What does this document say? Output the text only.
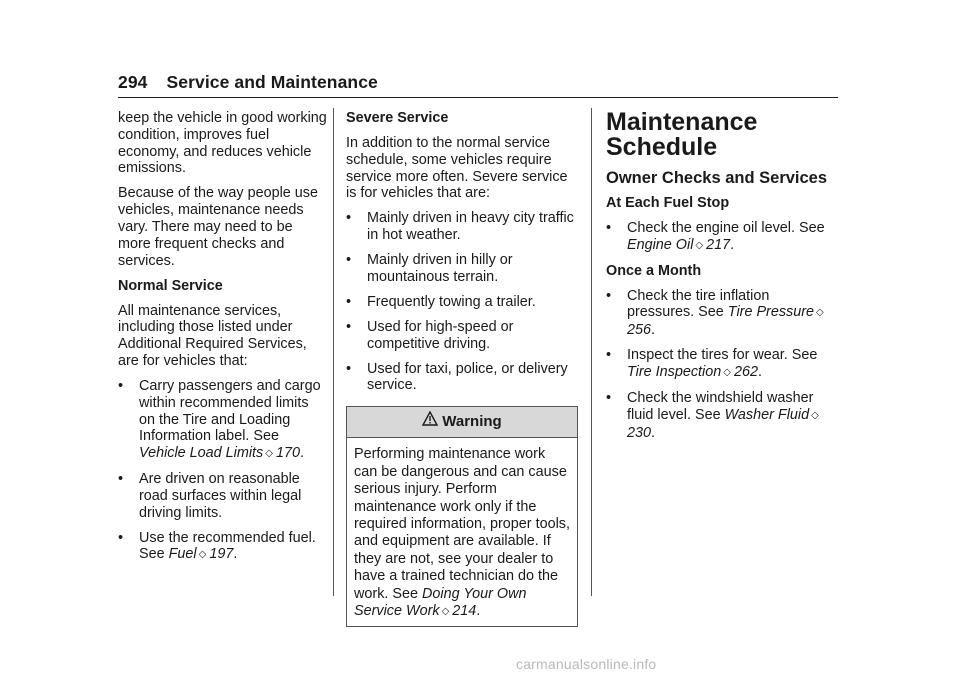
294 Service and Maintenance

keep the vehicle in good working condition, improves fuel economy, and reduces vehicle emissions.

Because of the way people use vehicles, maintenance needs vary. There may need to be more frequent checks and services.

Normal Service

All maintenance services, including those listed under Additional Required Services, are for vehicles that:

• Carry passengers and cargo within recommended limits on the Tire and Loading Information label. See Vehicle Load Limits ◇ 170.
• Are driven on reasonable road surfaces within legal driving limits.
• Use the recommended fuel. See Fuel ◇ 197.

Severe Service

In addition to the normal service schedule, some vehicles require service more often. Severe service is for vehicles that are:

• Mainly driven in heavy city traffic in hot weather.
• Mainly driven in hilly or mountainous terrain.
• Frequently towing a trailer.
• Used for high-speed or competitive driving.
• Used for taxi, police, or delivery service.
Warning
Performing maintenance work can be dangerous and can cause serious injury. Perform maintenance work only if the required information, proper tools, and equipment are available. If they are not, see your dealer to have a trained technician do the work. See Doing Your Own Service Work ◇ 214.
Maintenance Schedule
Owner Checks and Services

At Each Fuel Stop

• Check the engine oil level. See Engine Oil ◇ 217.

Once a Month

• Check the tire inflation pressures. See Tire Pressure ◇256.
• Inspect the tires for wear. See Tire Inspection ◇ 262.
• Check the windshield washer fluid level. See Washer Fluid ◇230.
carmanualsonline.info
